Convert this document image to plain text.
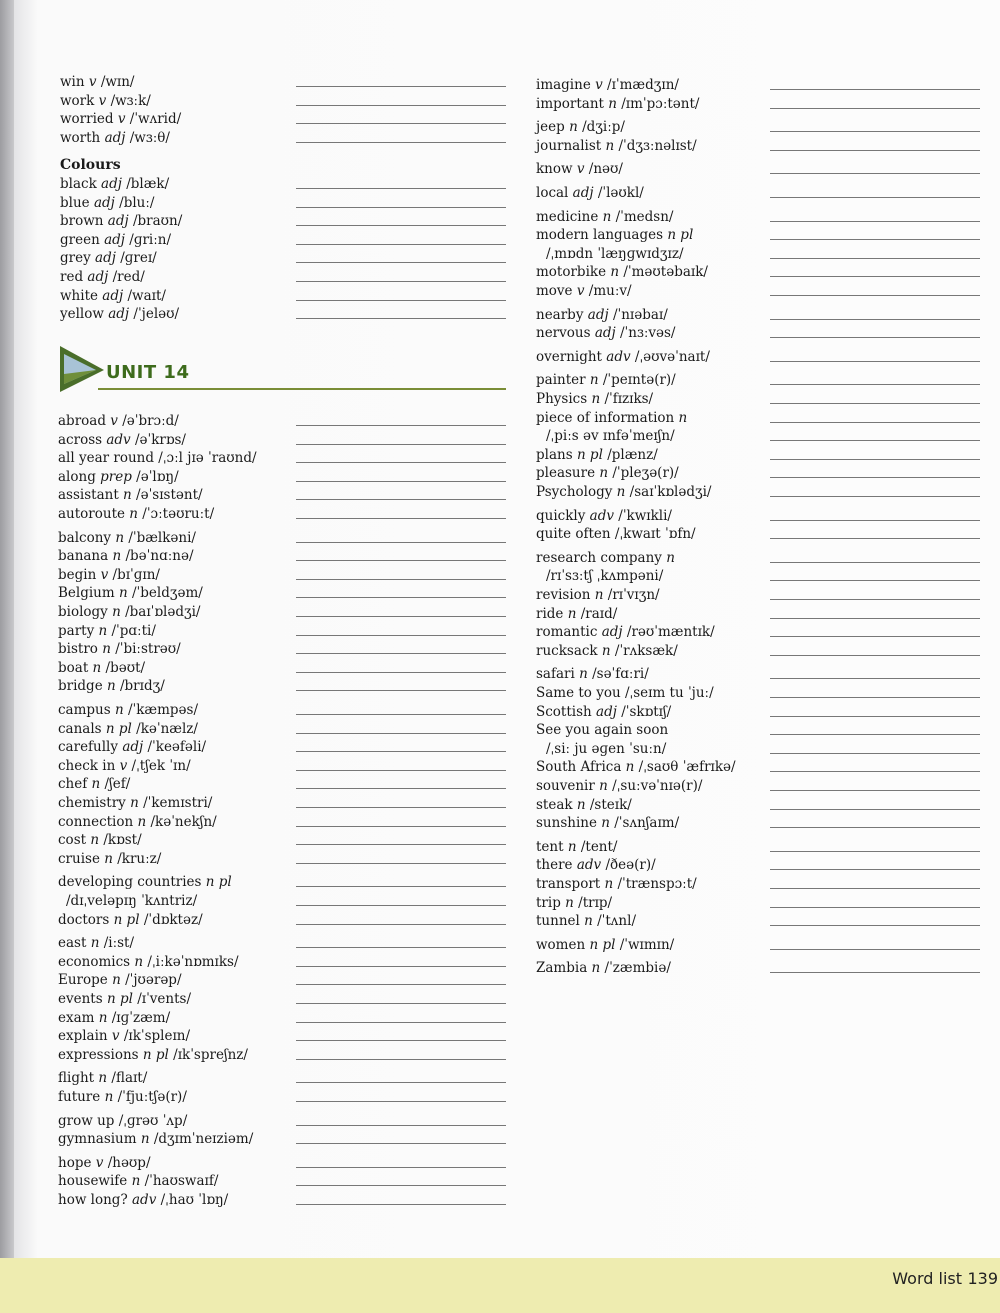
Colours
UNIT 14
win v /wɪn/
work v /wɜːk/
worried v /ˈwʌrid/
worth adj /wɜːθ/
black adj /blæk/
blue adj /bluː/
brown adj /braʊn/
green adj /ɡriːn/
grey adj /ɡreɪ/
red adj /red/
white adj /waɪt/
yellow adj /ˈjeləʊ/
abroad v /əˈbrɔːd/
across adv /əˈkrɒs/
all year round /ˌɔːl jɪə ˈraʊnd/
along prep /əˈlɒŋ/
assistant n /əˈsɪstənt/
autoroute n /ˈɔːtəʊruːt/
balcony n /ˈbælkəni/
banana n /bəˈnɑːnə/
begin v /bɪˈɡɪn/
Belgium n /ˈbeldʒəm/
biology n /baɪˈɒlədʒi/
party n /ˈpɑːti/
bistro n /ˈbiːstrəʊ/
boat n /bəʊt/
bridge n /brɪdʒ/
campus n /ˈkæmpəs/
canals n pl /kəˈnælz/
carefully adj /ˈkeəfəli/
check in v /ˌtʃek ˈɪn/
chef n /ʃef/
chemistry n /ˈkemɪstri/
connection n /kəˈnekʃn/
cost n /kɒst/
cruise n /kruːz/
developing countries n pl
/dɪˌveləpɪŋ ˈkʌntriz/
doctors n pl /ˈdɒktəz/
east n /iːst/
economics n /ˌiːkəˈnɒmɪks/
Europe n /ˈjʊərəp/
events n pl /ɪˈvents/
exam n /ɪɡˈzæm/
explain v /ɪkˈspleɪn/
expressions n pl /ɪkˈspreʃnz/
flight n /flaɪt/
future n /ˈfjuːtʃə(r)/
grow up /ˌɡrəʊ ˈʌp/
gymnasium n /dʒɪmˈneɪziəm/
hope v /həʊp/
housewife n /ˈhaʊswaɪf/
how long? adv /ˌhaʊ ˈlɒŋ/
imagine v /ɪˈmædʒɪn/
important n /ɪmˈpɔːtənt/
jeep n /dʒiːp/
journalist n /ˈdʒɜːnəlɪst/
know v /nəʊ/
local adj /ˈləʊkl/
medicine n /ˈmedsn/
modern languages n pl
/ˌmɒdn ˈlæŋɡwɪdʒɪz/
motorbike n /ˈməʊtəbaɪk/
move v /muːv/
nearby adj /ˈnɪəbaɪ/
nervous adj /ˈnɜːvəs/
overnight adv /ˌəʊvəˈnaɪt/
painter n /ˈpeɪntə(r)/
Physics n /ˈfɪzɪks/
piece of information n
/ˌpiːs əv ɪnfəˈmeɪʃn/
plans n pl /plænz/
pleasure n /ˈpleʒə(r)/
Psychology n /saɪˈkɒlədʒi/
quickly adv /ˈkwɪkli/
quite often /ˌkwaɪt ˈɒfn/
research company n
/rɪˈsɜːtʃ ˌkʌmpəni/
revision n /rɪˈvɪʒn/
ride n /raɪd/
romantic adj /rəʊˈmæntɪk/
rucksack n /ˈrʌksæk/
safari n /səˈfɑːri/
Same to you /ˌseɪm tu ˈjuː/
Scottish adj /ˈskɒtɪʃ/
See you again soon
/ˌsiː ju əɡen ˈsuːn/
South Africa n /ˌsaʊθ ˈæfrɪkə/
souvenir n /ˌsuːvəˈnɪə(r)/
steak n /steɪk/
sunshine n /ˈsʌnʃaɪm/
tent n /tent/
there adv /ðeə(r)/
transport n /ˈtrænspɔːt/
trip n /trɪp/
tunnel n /ˈtʌnl/
women n pl /ˈwɪmɪn/
Zambia n /ˈzæmbiə/
Word list 139
